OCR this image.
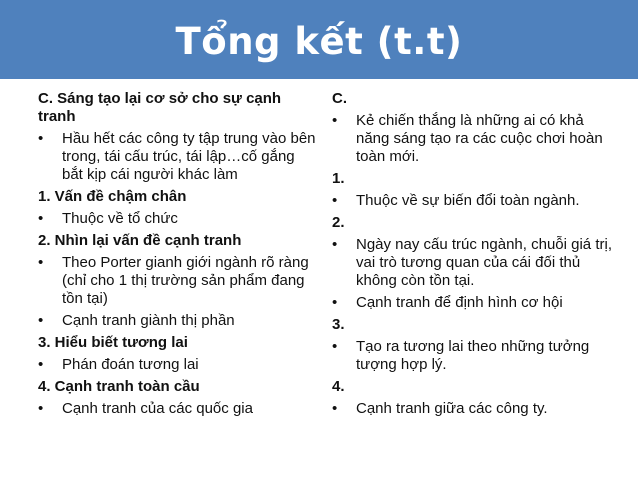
Tổng kết (t.t)
C. Sáng tạo lại cơ sở cho sự cạnh tranh
•	Hầu hết các công ty tập trung vào bên trong, tái cấu trúc, tái lập…cố gắng bắt kịp cái người khác làm
1. Vấn đề chậm chân
•	Thuộc về tổ chức
2. Nhìn lại vấn đề cạnh tranh
•	Theo Porter gianh giới ngành rõ ràng (chỉ cho 1 thị trường sản phẩm đang tồn tại)
•	Cạnh tranh giành thị phần
3. Hiểu biết tương lai
•	Phán đoán tương lai
4. Cạnh tranh toàn cầu
•	Cạnh tranh của các quốc gia
C.
•	Kẻ chiến thắng là những ai có khả năng sáng tạo ra các cuộc chơi hoàn toàn mới.
1.
•	Thuộc về sự biến đổi toàn ngành.
2.
•	Ngày nay cấu trúc ngành, chuỗi giá trị, vai trò tương quan của cái đối thủ không còn tồn tại.
•	Cạnh tranh để định hình cơ hội
3.
•	Tạo ra tương lai theo những tưởng tượng hợp lý.
4.
•	Cạnh tranh giữa các công ty.
